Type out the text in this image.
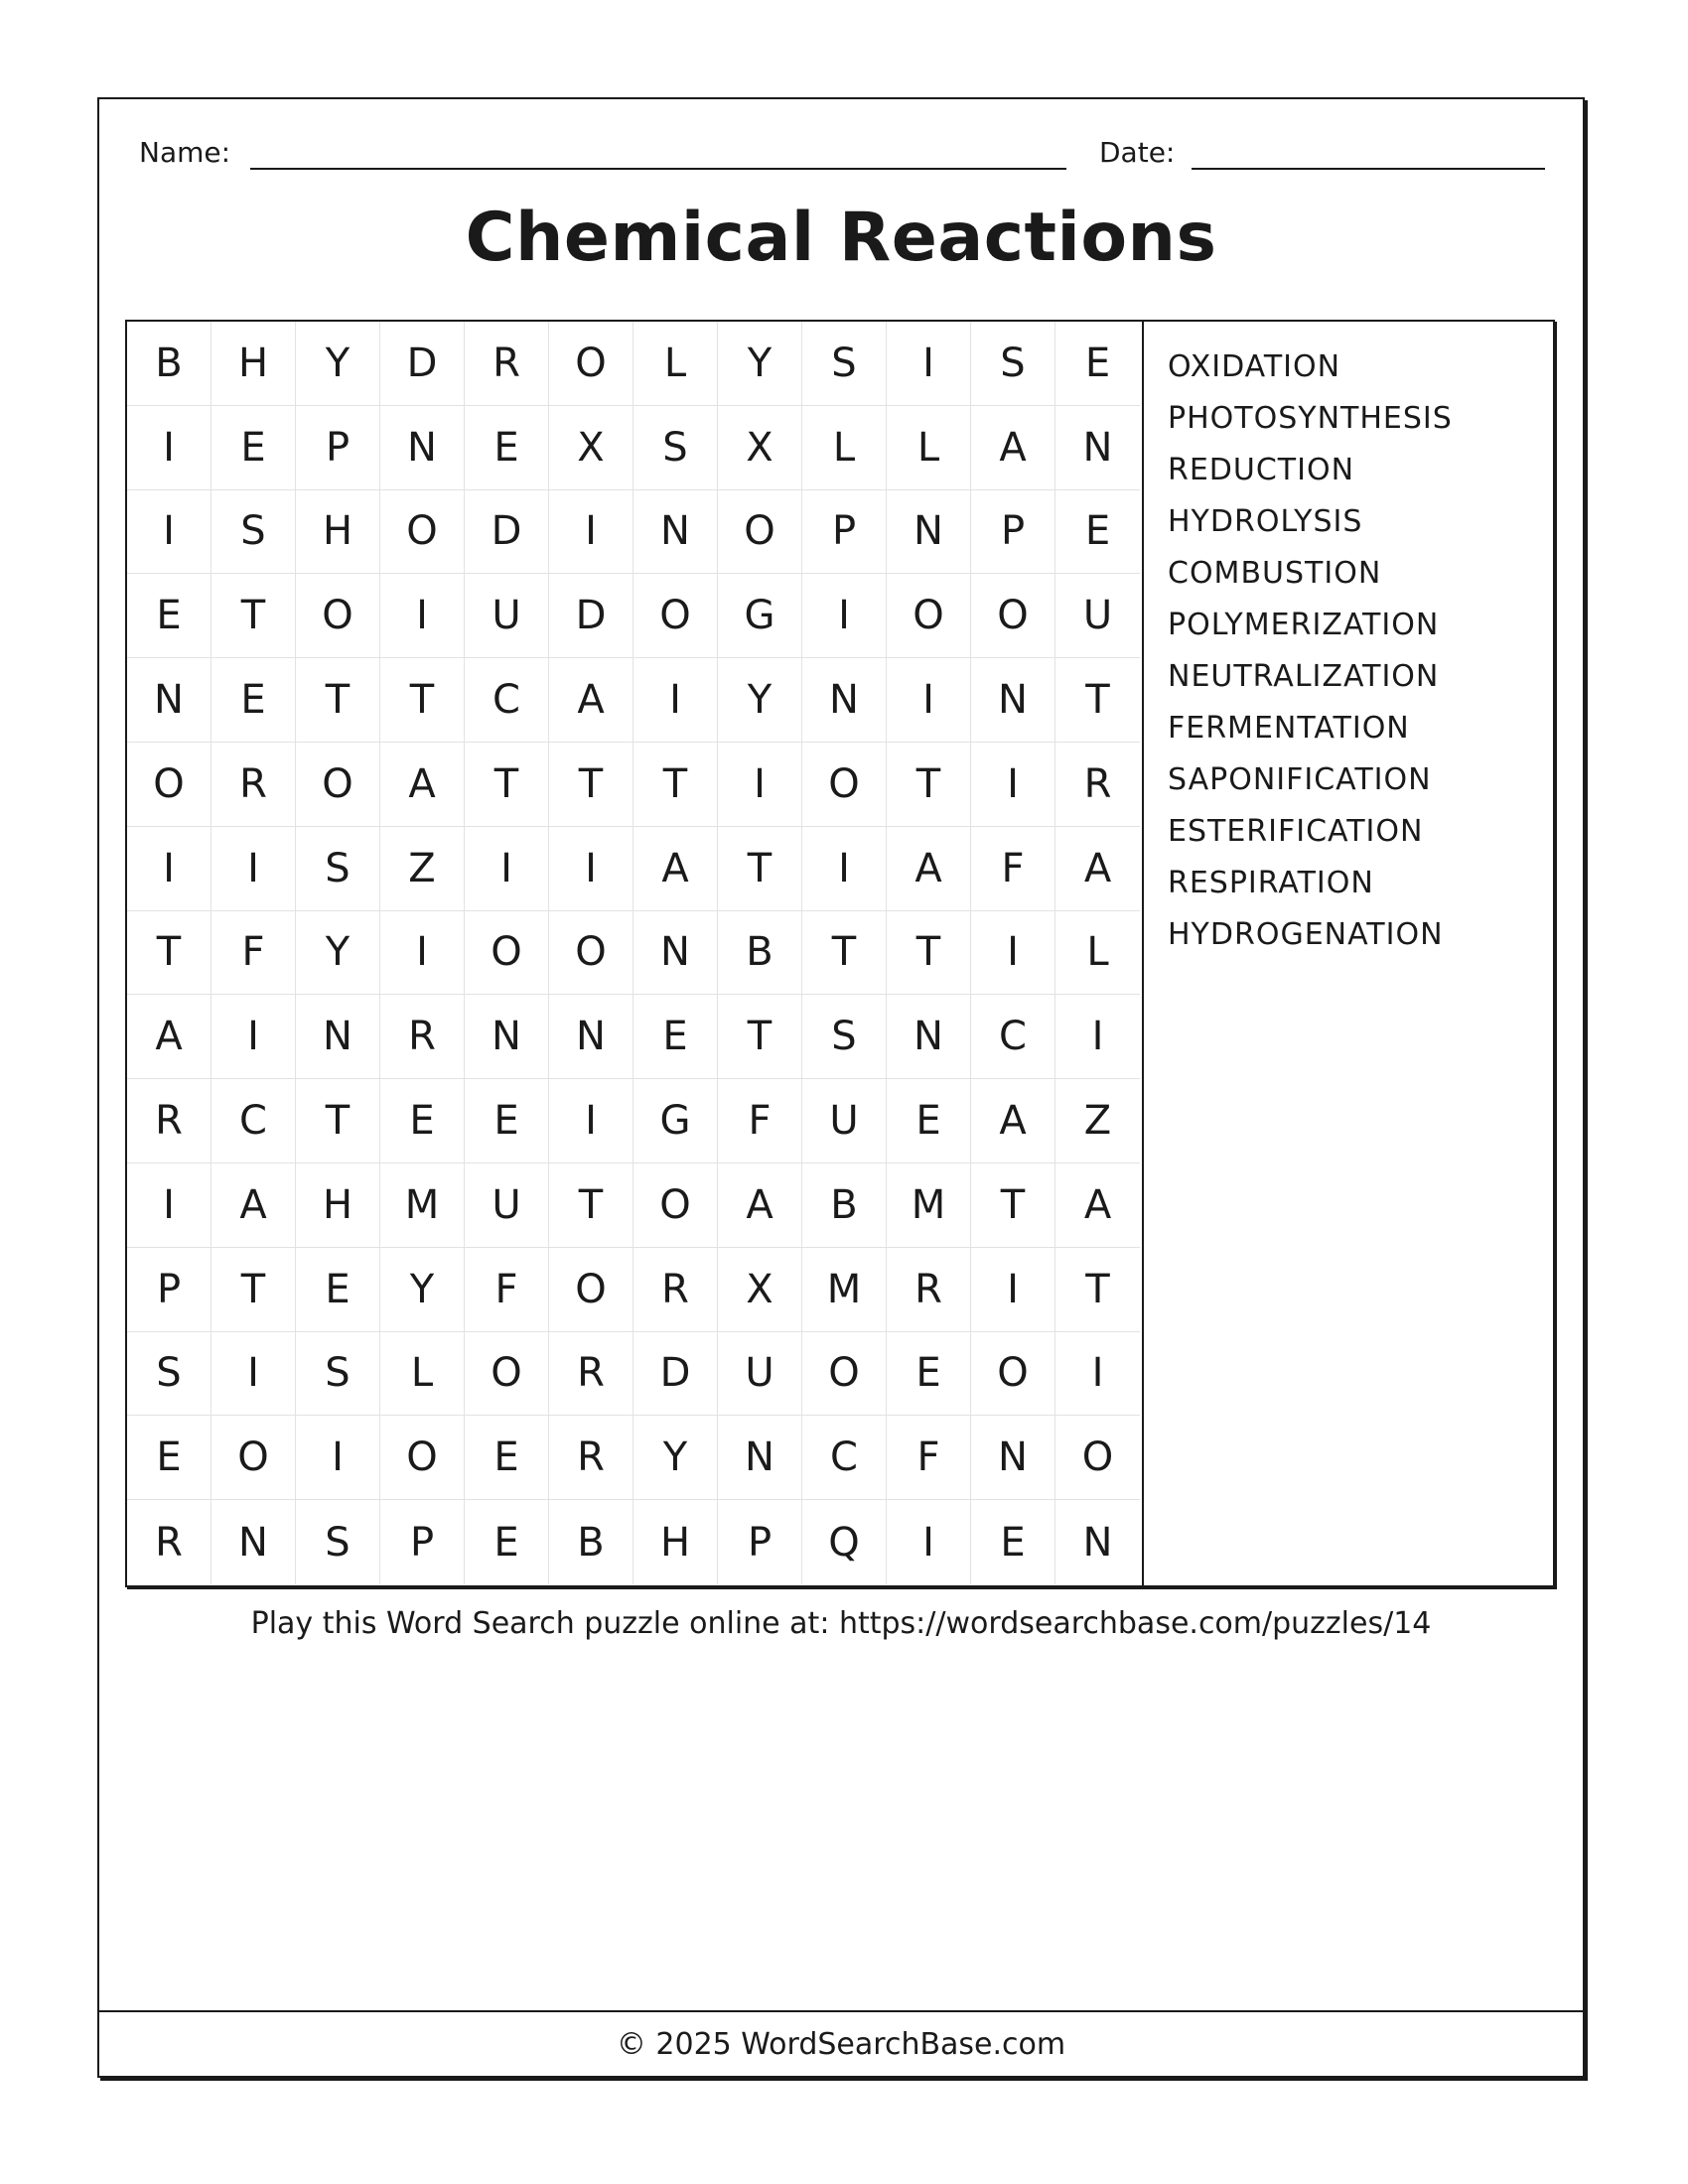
Name:	Date:
Chemical Reactions
B	H	Y	D	R	O	L	Y	S	I	S	E
I	E	P	N	E	X	S	X	L	L	A	N
I	S	H	O	D	I	N	O	P	N	P	E
E	T	O	I	U	D	O	G	I	O	O	U
N	E	T	T	C	A	I	Y	N	I	N	T
O	R	O	A	T	T	T	I	O	T	I	R
I	I	S	Z	I	I	A	T	I	A	F	A
T	F	Y	I	O	O	N	B	T	T	I	L
A	I	N	R	N	N	E	T	S	N	C	I
R	C	T	E	E	I	G	F	U	E	A	Z
I	A	H	M	U	T	O	A	B	M	T	A
P	T	E	Y	F	O	R	X	M	R	I	T
S	I	S	L	O	R	D	U	O	E	O	I
E	O	I	O	E	R	Y	N	C	F	N	O
R	N	S	P	E	B	H	P	Q	I	E	N
OXIDATION
PHOTOSYNTHESIS
REDUCTION
HYDROLYSIS
COMBUSTION
POLYMERIZATION
NEUTRALIZATION
FERMENTATION
SAPONIFICATION
ESTERIFICATION
RESPIRATION
HYDROGENATION
Play this Word Search puzzle online at: https://wordsearchbase.com/puzzles/14
© 2025 WordSearchBase.com
